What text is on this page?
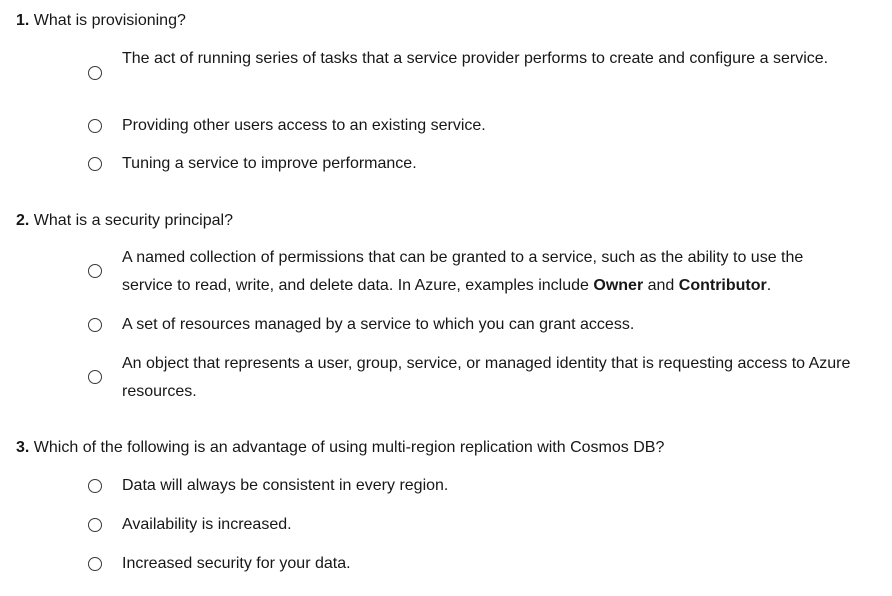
1. What is provisioning?
The act of running series of tasks that a service provider performs to create and configure a service.
Providing other users access to an existing service.
Tuning a service to improve performance.
2. What is a security principal?
A named collection of permissions that can be granted to a service, such as the ability to use the service to read, write, and delete data. In Azure, examples include Owner and Contributor.
A set of resources managed by a service to which you can grant access.
An object that represents a user, group, service, or managed identity that is requesting access to Azure resources.
3. Which of the following is an advantage of using multi-region replication with Cosmos DB?
Data will always be consistent in every region.
Availability is increased.
Increased security for your data.
